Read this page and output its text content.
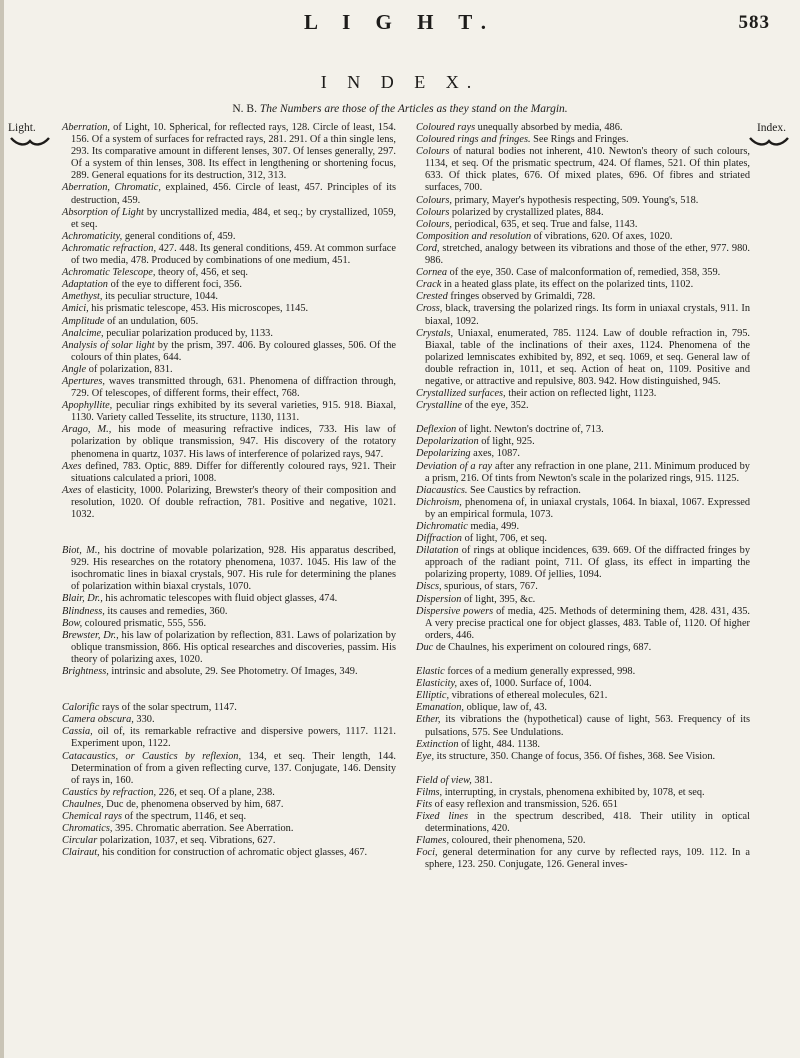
L I G H T.	583
I N D E X.
N. B. The Numbers are those of the Articles as they stand on the Margin.
Light.	Index.

Aberration, of Light, 10. Spherical, for reflected rays, 128. Circle of least, 154. 156. Of a system of surfaces for refracted rays, 281. 291. Of a thin single lens, 293. Its comparative amount in different lenses, 307. Of lenses generally, 297. Of a system of thin lenses, 308. Its effect in lengthening or shortening focus, 289. General equations for its destruction, 312, 313.

Aberration, Chromatic, explained, 456. Circle of least, 457. Principles of its destruction, 459.

Absorption of Light by uncrystallized media, 484, et seq.; by crystallized, 1059, et seq.

Achromaticity, general conditions of, 459.

Achromatic refraction, 427. 448. Its general conditions, 459. At common surface of two media, 478. Produced by combinations of one medium, 451.

Achromatic Telescope, theory of, 456, et seq.

Adaptation of the eye to different foci, 356.

Amethyst, its peculiar structure, 1044.

Amici, his prismatic telescope, 453. His microscopes, 1145.

Amplitude of an undulation, 605.

Analcime, peculiar polarization produced by, 1133.

Analysis of solar light by the prism, 397. 406. By coloured glasses, 506. Of the colours of thin plates, 644.

Angle of polarization, 831.

Apertures, waves transmitted through, 631. Phenomena of diffraction through, 729. Of telescopes, of different forms, their effect, 768.

Apophyllite, peculiar rings exhibited by its several varieties, 915. 918. Biaxal, 1130. Variety called Tesselite, its structure, 1130, 1131.

Arago, M., his mode of measuring refractive indices, 733. His law of polarization by oblique transmission, 947. His discovery of the rotatory phenomena in quartz, 1037. His laws of interference of polarized rays, 947.

Axes defined, 783. Optic, 889. Differ for differently coloured rays, 921. Their situations calculated a priori, 1008.

Axes of elasticity, 1000. Polarizing, Brewster's theory of their composition and resolution, 1020. Of double refraction, 781. Positive and negative, 1021. 1032.

Biot, M., his doctrine of movable polarization, 928. His apparatus described, 929. His researches on the rotatory phenomena, 1037. 1045. His law of the isochromatic lines in biaxal crystals, 907. His rule for determining the planes of polarization within biaxal crystals, 1070.

Blair, Dr., his achromatic telescopes with fluid object glasses, 474.

Blindness, its causes and remedies, 360.

Bow, coloured prismatic, 555, 556.

Brewster, Dr., his law of polarization by reflection, 831. Laws of polarization by oblique transmission, 866. His optical researches and discoveries, passim. His theory of polarizing axes, 1020.

Brightness, intrinsic and absolute, 29. See Photometry. Of Images, 349.

Calorific rays of the solar spectrum, 1147.

Camera obscura, 330.

Cassia, oil of, its remarkable refractive and dispersive powers, 1117. 1121. Experiment upon, 1122.

Catacaustics, or Caustics by reflexion, 134, et seq. Their length, 144. Determination of from a given reflecting curve, 137. Conjugate, 146. Density of rays in, 160.

Caustics by refraction, 226, et seq. Of a plane, 238.

Chaulnes, Duc de, phenomena observed by him, 687.

Chemical rays of the spectrum, 1146, et seq.

Chromatics, 395. Chromatic aberration. See Aberration.

Circular polarization, 1037, et seq. Vibrations, 627.

Clairaut, his condition for construction of achromatic object glasses, 467.

Coloured rays unequally absorbed by media, 486.

Coloured rings and fringes. See Rings and Fringes.

Colours of natural bodies not inherent, 410. Newton's theory of such colours, 1134, et seq. Of the prismatic spectrum, 424. Of flames, 521. Of thin plates, 633. Of thick plates, 676. Of mixed plates, 696. Of fibres and striated surfaces, 700.

Colours, primary, Mayer's hypothesis respecting, 509. Young's, 518.

Colours polarized by crystallized plates, 884.

Colours, periodical, 635, et seq. True and false, 1143.

Composition and resolution of vibrations, 620. Of axes, 1020.

Cord, stretched, analogy between its vibrations and those of the ether, 977. 980. 986.

Cornea of the eye, 350. Case of malconformation of, remedied, 358, 359.

Crack in a heated glass plate, its effect on the polarized tints, 1102.

Crested fringes observed by Grimaldi, 728.

Cross, black, traversing the polarized rings. Its form in uniaxal crystals, 911. In biaxal, 1092.

Crystals, Uniaxal, enumerated, 785. 1124. Law of double refraction in, 795. Biaxal, table of the inclinations of their axes, 1124. Phenomena of the polarized lemniscates exhibited by, 892, et seq. 1069, et seq. General law of double refraction in, 1011, et seq. Action of heat on, 1109. Positive and negative, or attractive and repulsive, 803. 942. How distinguished, 945.

Crystallized surfaces, their action on reflected light, 1123.

Crystalline of the eye, 352.

Deflexion of light. Newton's doctrine of, 713.

Depolarization of light, 925.

Depolarizing axes, 1087.

Deviation of a ray after any refraction in one plane, 211. Minimum produced by a prism, 216. Of tints from Newton's scale in the polarized rings, 915. 1125.

Diacaustics. See Caustics by refraction.

Dichroism, phenomena of, in uniaxal crystals, 1064. In biaxal, 1067. Expressed by an empirical formula, 1073.

Dichromatic media, 499.

Diffraction of light, 706, et seq.

Dilatation of rings at oblique incidences, 639. 669. Of the diffracted fringes by approach of the radiant point, 711. Of glass, its effect in imparting the polarizing property, 1089. Of jellies, 1094.

Discs, spurious, of stars, 767.

Dispersion of light, 395, &c.

Dispersive powers of media, 425. Methods of determining them, 428. 431, 435. A very precise practical one for object glasses, 483. Table of, 1120. Of higher orders, 446.

Duc de Chaulnes, his experiment on coloured rings, 687.

Elastic forces of a medium generally expressed, 998.

Elasticity, axes of, 1000. Surface of, 1004.

Elliptic, vibrations of ethereal molecules, 621.

Emanation, oblique, law of, 43.

Ether, its vibrations the (hypothetical) cause of light, 563. Frequency of its pulsations, 575. See Undulations.

Extinction of light, 484. 1138.

Eye, its structure, 350. Change of focus, 356. Of fishes, 368. See Vision.

Field of view, 381.

Films, interrupting, in crystals, phenomena exhibited by, 1078, et seq.

Fits of easy reflexion and transmission, 526. 651

Fixed lines in the spectrum described, 418. Their utility in optical determinations, 420.

Flames, coloured, their phenomena, 520.

Foci, general determination for any curve by reflected rays, 109. 112. In a sphere, 123. 250. Conjugate, 126. General inves-
